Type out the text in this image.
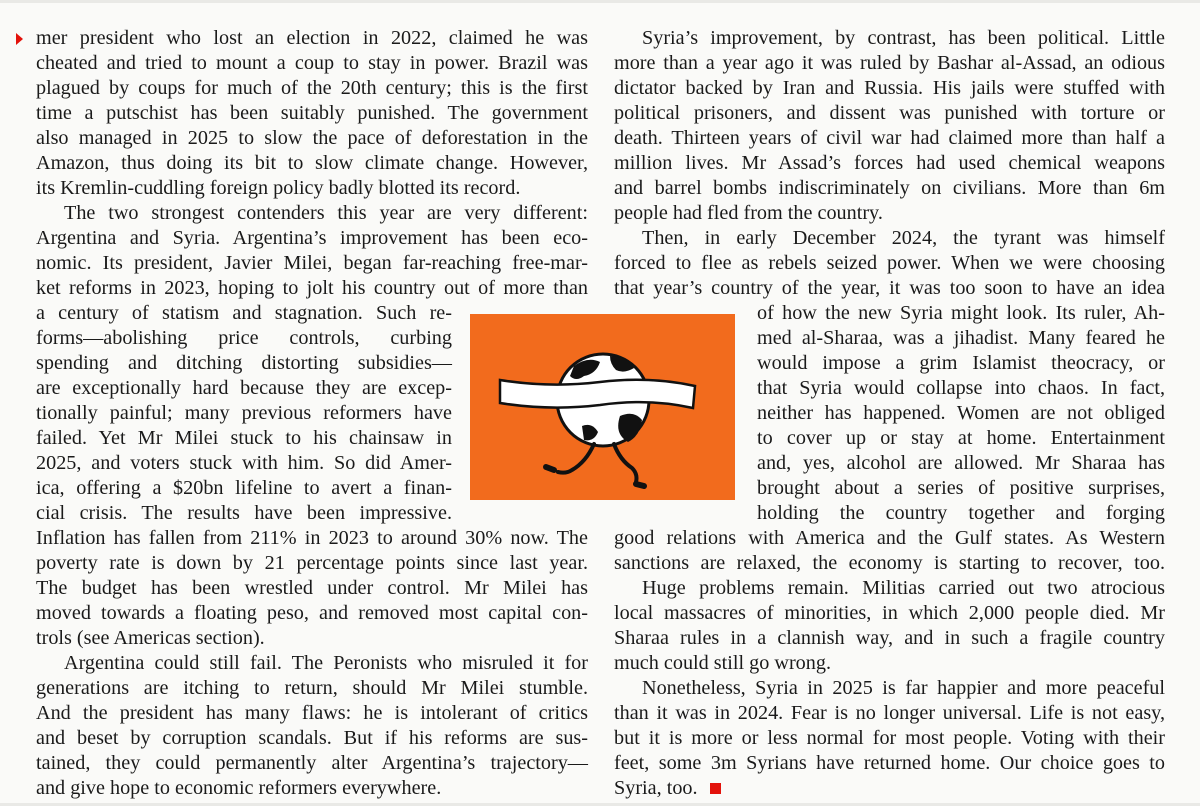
mer president who lost an election in 2022, claimed he was
cheated and tried to mount a coup to stay in power. Brazil was
plagued by coups for much of the 20th century; this is the first
time a putschist has been suitably punished. The government
also managed in 2025 to slow the pace of deforestation in the
Amazon, thus doing its bit to slow climate change. However,
its Kremlin-cuddling foreign policy badly blotted its record.
The two strongest contenders this year are very different:
Argentina and Syria. Argentina’s improvement has been eco-
nomic. Its president, Javier Milei, began far-reaching free-mar-
ket reforms in 2023, hoping to jolt his country out of more than
a century of statism and stagnation. Such re-
forms—abolishing price controls, curbing
spending and ditching distorting subsidies—
are exceptionally hard because they are excep-
tionally painful; many previous reformers have
failed. Yet Mr Milei stuck to his chainsaw in
2025, and voters stuck with him. So did Amer-
ica, offering a $20bn lifeline to avert a finan-
cial crisis. The results have been impressive.
Inflation has fallen from 211% in 2023 to around 30% now. The
poverty rate is down by 21 percentage points since last year.
The budget has been wrestled under control. Mr Milei has
moved towards a floating peso, and removed most capital con-
trols (see Americas section).
Argentina could still fail. The Peronists who misruled it for
generations are itching to return, should Mr Milei stumble.
And the president has many flaws: he is intolerant of critics
and beset by corruption scandals. But if his reforms are sus-
tained, they could permanently alter Argentina’s trajectory—
and give hope to economic reformers everywhere.
Syria’s improvement, by contrast, has been political. Little
more than a year ago it was ruled by Bashar al-Assad, an odious
dictator backed by Iran and Russia. His jails were stuffed with
political prisoners, and dissent was punished with torture or
death. Thirteen years of civil war had claimed more than half a
million lives. Mr Assad’s forces had used chemical weapons
and barrel bombs indiscriminately on civilians. More than 6m
people had fled from the country.
Then, in early December 2024, the tyrant was himself
forced to flee as rebels seized power. When we were choosing
that year’s country of the year, it was too soon to have an idea
of how the new Syria might look. Its ruler, Ah-
med al-Sharaa, was a jihadist. Many feared he
would impose a grim Islamist theocracy, or
that Syria would collapse into chaos. In fact,
neither has happened. Women are not obliged
to cover up or stay at home. Entertainment
and, yes, alcohol are allowed. Mr Sharaa has
brought about a series of positive surprises,
holding the country together and forging
good relations with America and the Gulf states. As Western
sanctions are relaxed, the economy is starting to recover, too.
Huge problems remain. Militias carried out two atrocious
local massacres of minorities, in which 2,000 people died. Mr
Sharaa rules in a clannish way, and in such a fragile country
much could still go wrong.
Nonetheless, Syria in 2025 is far happier and more peaceful
than it was in 2024. Fear is no longer universal. Life is not easy,
but it is more or less normal for most people. Voting with their
feet, some 3m Syrians have returned home. Our choice goes to
Syria, too.
